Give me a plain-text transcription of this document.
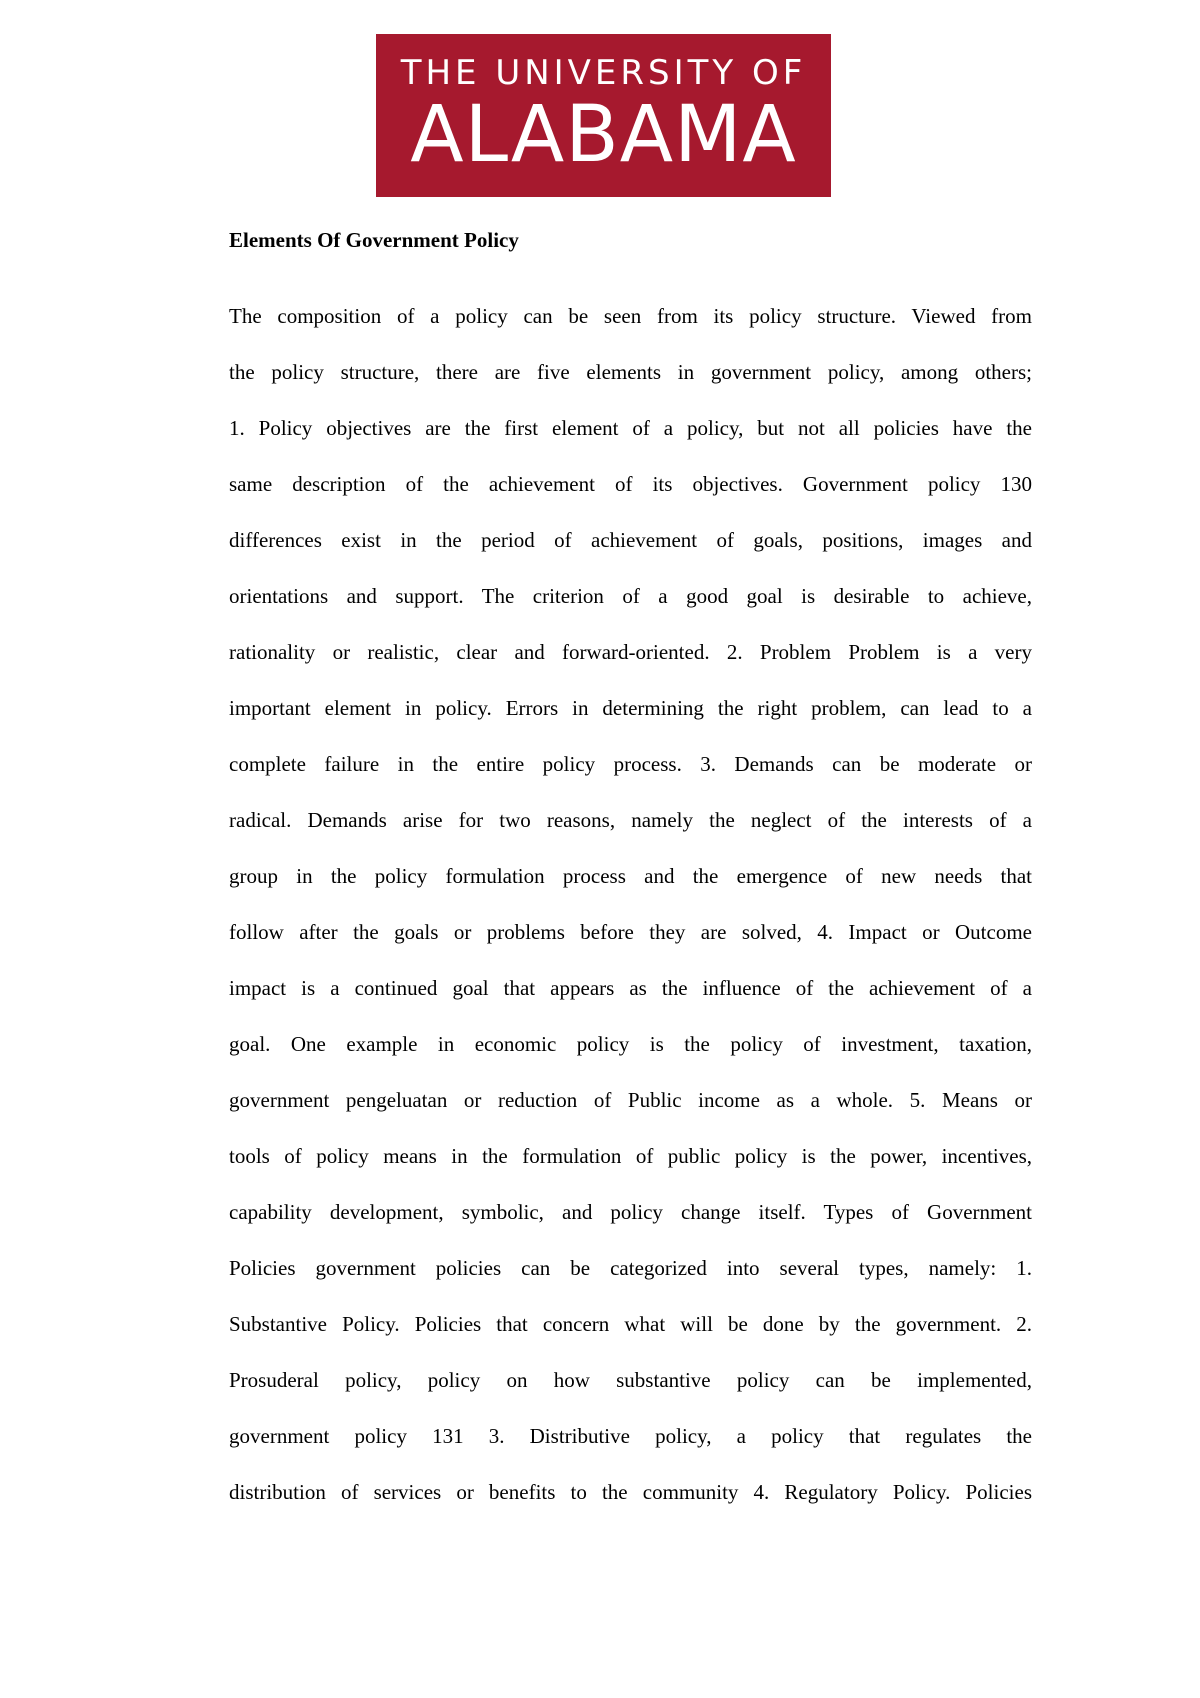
THE UNIVERSITY OF
ALABAMA
Elements Of Government Policy
The composition of a policy can be seen from its policy structure. Viewed from
the policy structure, there are five elements in government policy, among others;
1. Policy objectives are the first element of a policy, but not all policies have the
same description of the achievement of its objectives. Government policy 130
differences exist in the period of achievement of goals, positions, images and
orientations and support. The criterion of a good goal is desirable to achieve,
rationality or realistic, clear and forward-oriented. 2. Problem Problem is a very
important element in policy. Errors in determining the right problem, can lead to a
complete failure in the entire policy process. 3. Demands can be moderate or
radical. Demands arise for two reasons, namely the neglect of the interests of a
group in the policy formulation process and the emergence of new needs that
follow after the goals or problems before they are solved, 4. Impact or Outcome
impact is a continued goal that appears as the influence of the achievement of a
goal. One example in economic policy is the policy of investment, taxation,
government pengeluatan or reduction of Public income as a whole. 5. Means or
tools of policy means in the formulation of public policy is the power, incentives,
capability development, symbolic, and policy change itself. Types of Government
Policies government policies can be categorized into several types, namely: 1.
Substantive Policy. Policies that concern what will be done by the government. 2.
Prosuderal policy, policy on how substantive policy can be implemented,
government policy 131 3. Distributive policy, a policy that regulates the
distribution of services or benefits to the community 4. Regulatory Policy. Policies
